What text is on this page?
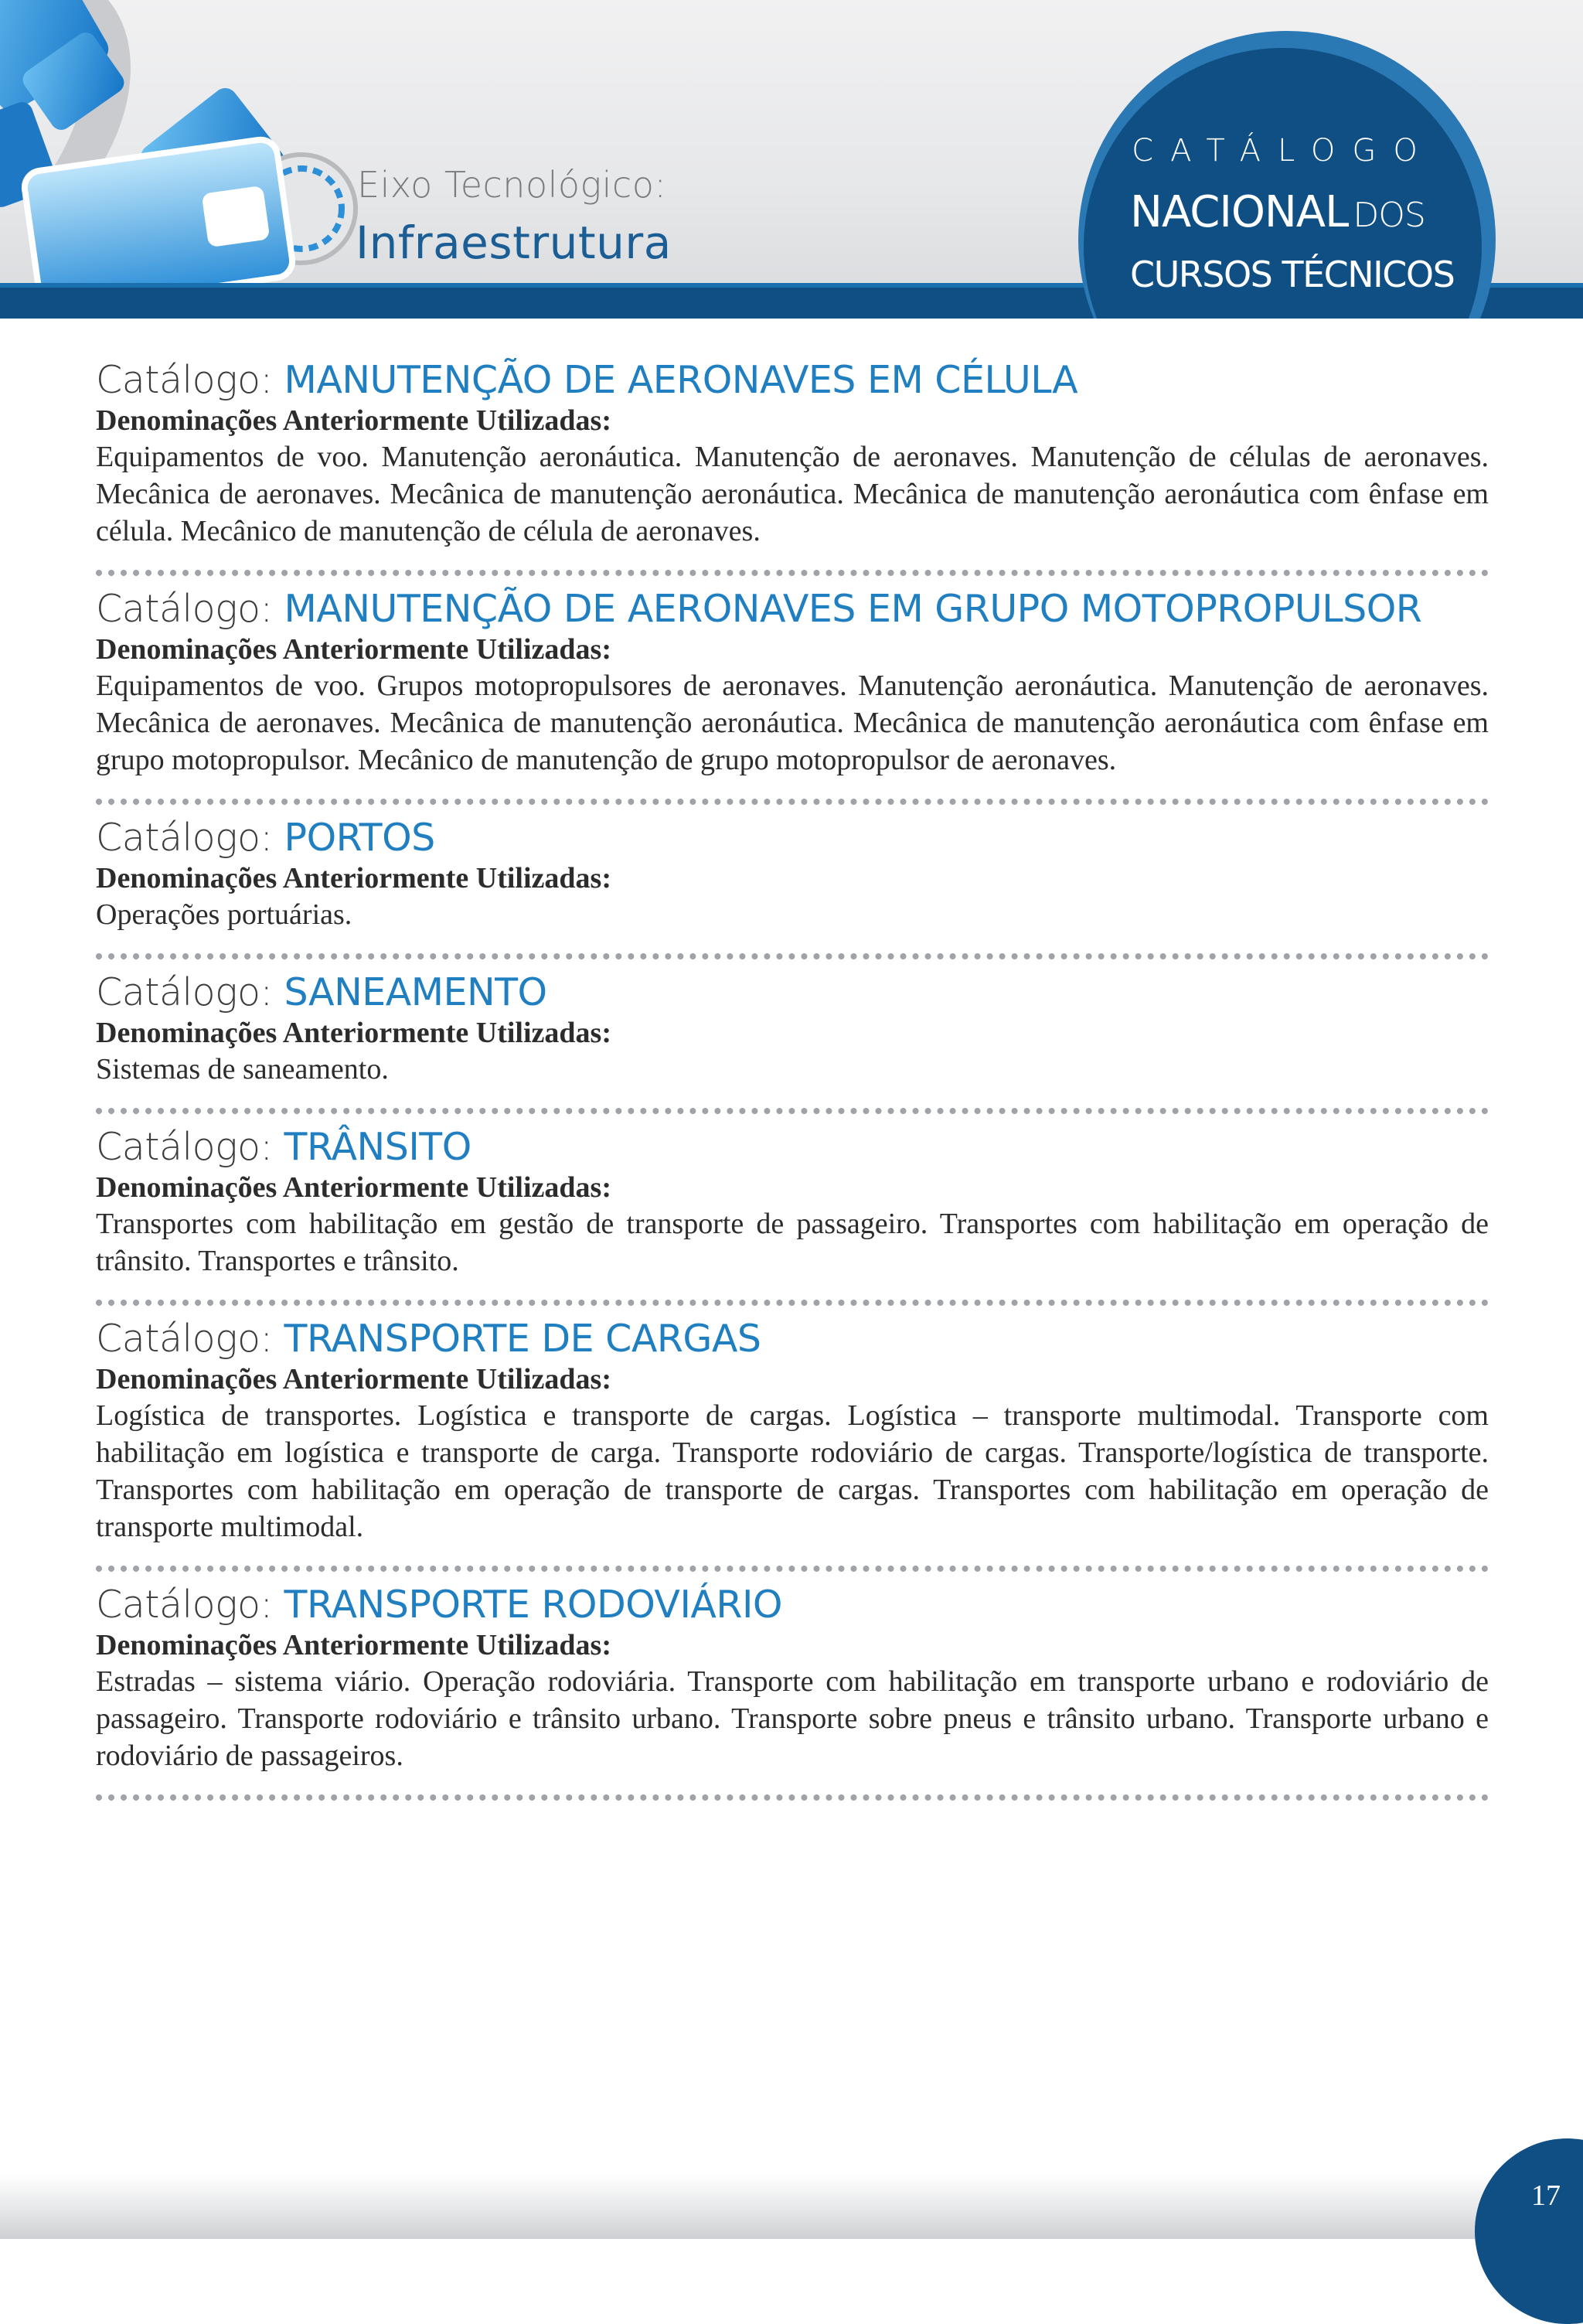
Eixo Tecnológico:
Infraestrutura
CATÁLOGO
NACIONAL DOS
CURSOS TÉCNICOS
Catálogo: MANUTENÇÃO DE AERONAVES EM CÉLULA
Denominações Anteriormente Utilizadas:

Equipamentos de voo. Manutenção aeronáutica. Manutenção de aeronaves. Manutenção de células de aeronaves. Mecânica de aeronaves. Mecânica de manutenção aeronáutica. Mecânica de manutenção aeronáutica com ênfase em célula. Mecânico de manutenção de célula de aeronaves.

Catálogo: MANUTENÇÃO DE AERONAVES EM GRUPO MOTOPROPULSOR
Denominações Anteriormente Utilizadas:

Equipamentos de voo. Grupos motopropulsores de aeronaves. Manutenção aeronáutica. Manutenção de aeronaves. Mecânica de aeronaves. Mecânica de manutenção aeronáutica. Mecânica de manutenção aeronáutica com ênfase em grupo motopropulsor. Mecânico de manutenção de grupo motopropulsor de aeronaves.

Catálogo: PORTOS
Denominações Anteriormente Utilizadas:

Operações portuárias.

Catálogo: SANEAMENTO
Denominações Anteriormente Utilizadas:

Sistemas de saneamento.

Catálogo: TRÂNSITO
Denominações Anteriormente Utilizadas:

Transportes com habilitação em gestão de transporte de passageiro. Transportes com habilitação em operação de trânsito. Transportes e trânsito.

Catálogo: TRANSPORTE DE CARGAS
Denominações Anteriormente Utilizadas:

Logística de transportes. Logística e transporte de cargas. Logística – transporte multimodal. Transporte com habilitação em logística e transporte de carga. Transporte rodoviário de cargas. Transporte/logística de transporte. Transportes com habilitação em operação de transporte de cargas. Transportes com habilitação em operação de transporte multimodal.

Catálogo: TRANSPORTE RODOVIÁRIO
Denominações Anteriormente Utilizadas:

Estradas – sistema viário. Operação rodoviária. Transporte com habilitação em transporte urbano e rodoviário de passageiro. Transporte rodoviário e trânsito urbano. Transporte sobre pneus e trânsito urbano. Transporte urbano e rodoviário de passageiros.

17
